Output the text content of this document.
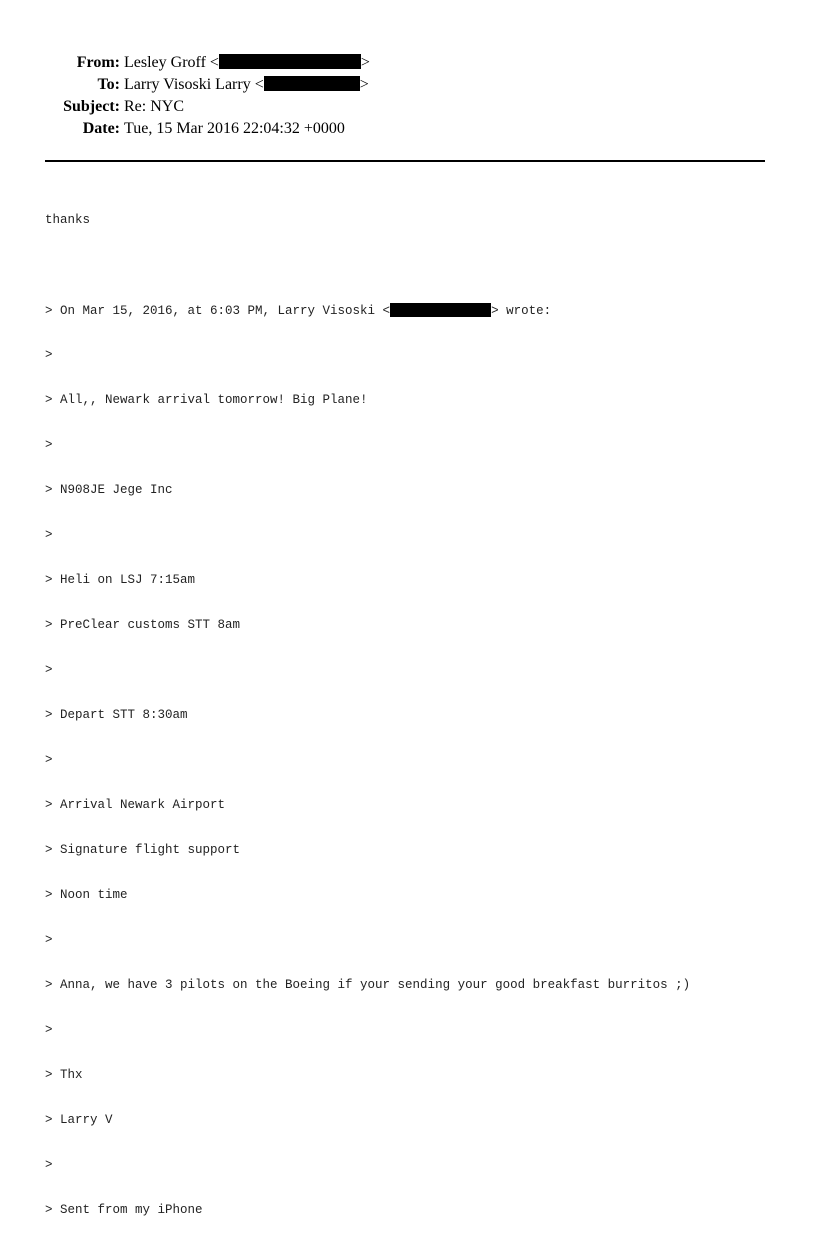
From: Lesley Groff <	>
To: Larry Visoski Larry <	>
Subject: Re: NYC
Date: Tue, 15 Mar 2016 22:04:32 +0000

thanks

> On Mar 15, 2016, at 6:03 PM, Larry Visoski <	> wrote:

>

> All,, Newark arrival tomorrow! Big Plane!

>

> N908JE Jege Inc

>

> Heli on LSJ 7:15am

> PreClear customs STT 8am

>

> Depart STT 8:30am

>

> Arrival Newark Airport

> Signature flight support

> Noon time

>

> Anna, we have 3 pilots on the Boeing if your sending your good breakfast burritos ;)

>

> Thx

> Larry V

>

> Sent from my iPhone
